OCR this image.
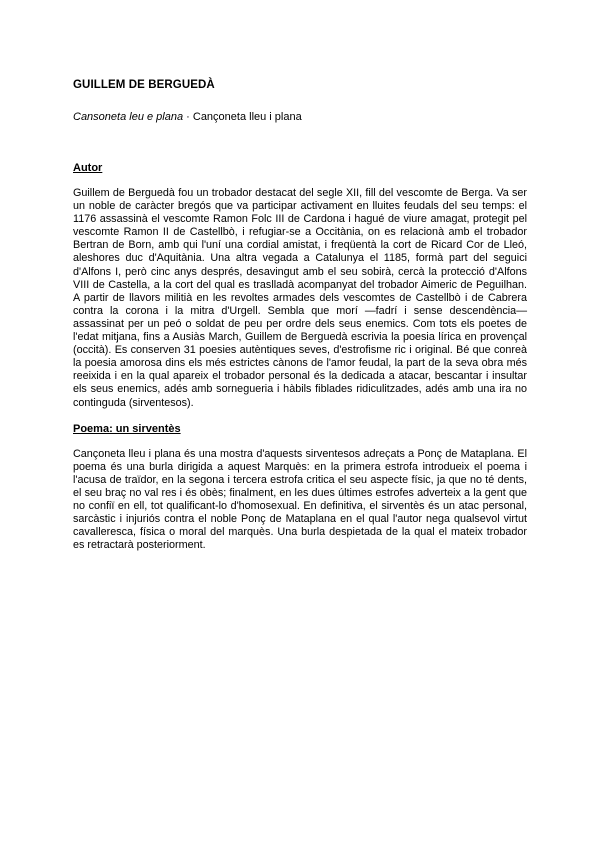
GUILLEM DE BERGUEDÀ

Cansoneta leu e plana · Cançoneta lleu i plana

Autor

Guillem de Berguedà fou un trobador destacat del segle XII, fill del vescomte de Berga. Va ser un noble de caràcter bregós que va participar activament en lluites feudals del seu temps: el 1176 assassinà el vescomte Ramon Folc III de Cardona i hagué de viure amagat, protegit pel vescomte Ramon II de Castellbò, i refugiar-se a Occitània, on es relacionà amb el trobador Bertran de Born, amb qui l'uní una cordial amistat, i freqüentà la cort de Ricard Cor de Lleó, aleshores duc d'Aquitània. Una altra vegada a Catalunya el 1185, formà part del seguici d'Alfons I, però cinc anys després, desavingut amb el seu sobirà, cercà la protecció d'Alfons VIII de Castella, a la cort del qual es traslladà acompanyat del trobador Aimeric de Peguilhan. A partir de llavors militià en les revoltes armades dels vescomtes de Castellbò i de Cabrera contra la corona i la mitra d'Urgell. Sembla que morí —fadrí i sense descendència— assassinat per un peó o soldat de peu per ordre dels seus enemics. Com tots els poetes de l'edat mitjana, fins a Ausiàs March, Guillem de Berguedà escrivia la poesia lírica en provençal (occità). Es conserven 31 poesies autèntiques seves, d'estrofisme ric i original. Bé que conreà la poesia amorosa dins els més estrictes cànons de l'amor feudal, la part de la seva obra més reeixida i en la qual apareix el trobador personal és la dedicada a atacar, bescantar i insultar els seus enemics, adés amb sornegueria i hàbils fiblades ridiculitzades, adés amb una ira no continguda (sirventesos).

Poema: un sirventès

Cançoneta lleu i plana és una mostra d'aquests sirventesos adreçats a Ponç de Mataplana. El poema és una burla dirigida a aquest Marquès: en la primera estrofa introdueix el poema i l'acusa de traïdor, en la segona i tercera estrofa critica el seu aspecte físic, ja que no té dents, el seu braç no val res i és obès; finalment, en les dues últimes estrofes adverteix a la gent que no confiï en ell, tot qualificant-lo d'homosexual. En definitiva, el sirventès és un atac personal, sarcàstic i injuriós contra el noble Ponç de Mataplana en el qual l'autor nega qualsevol virtut cavalleresca, física o moral del marquès. Una burla despietada de la qual el mateix trobador es retractarà posteriorment.
